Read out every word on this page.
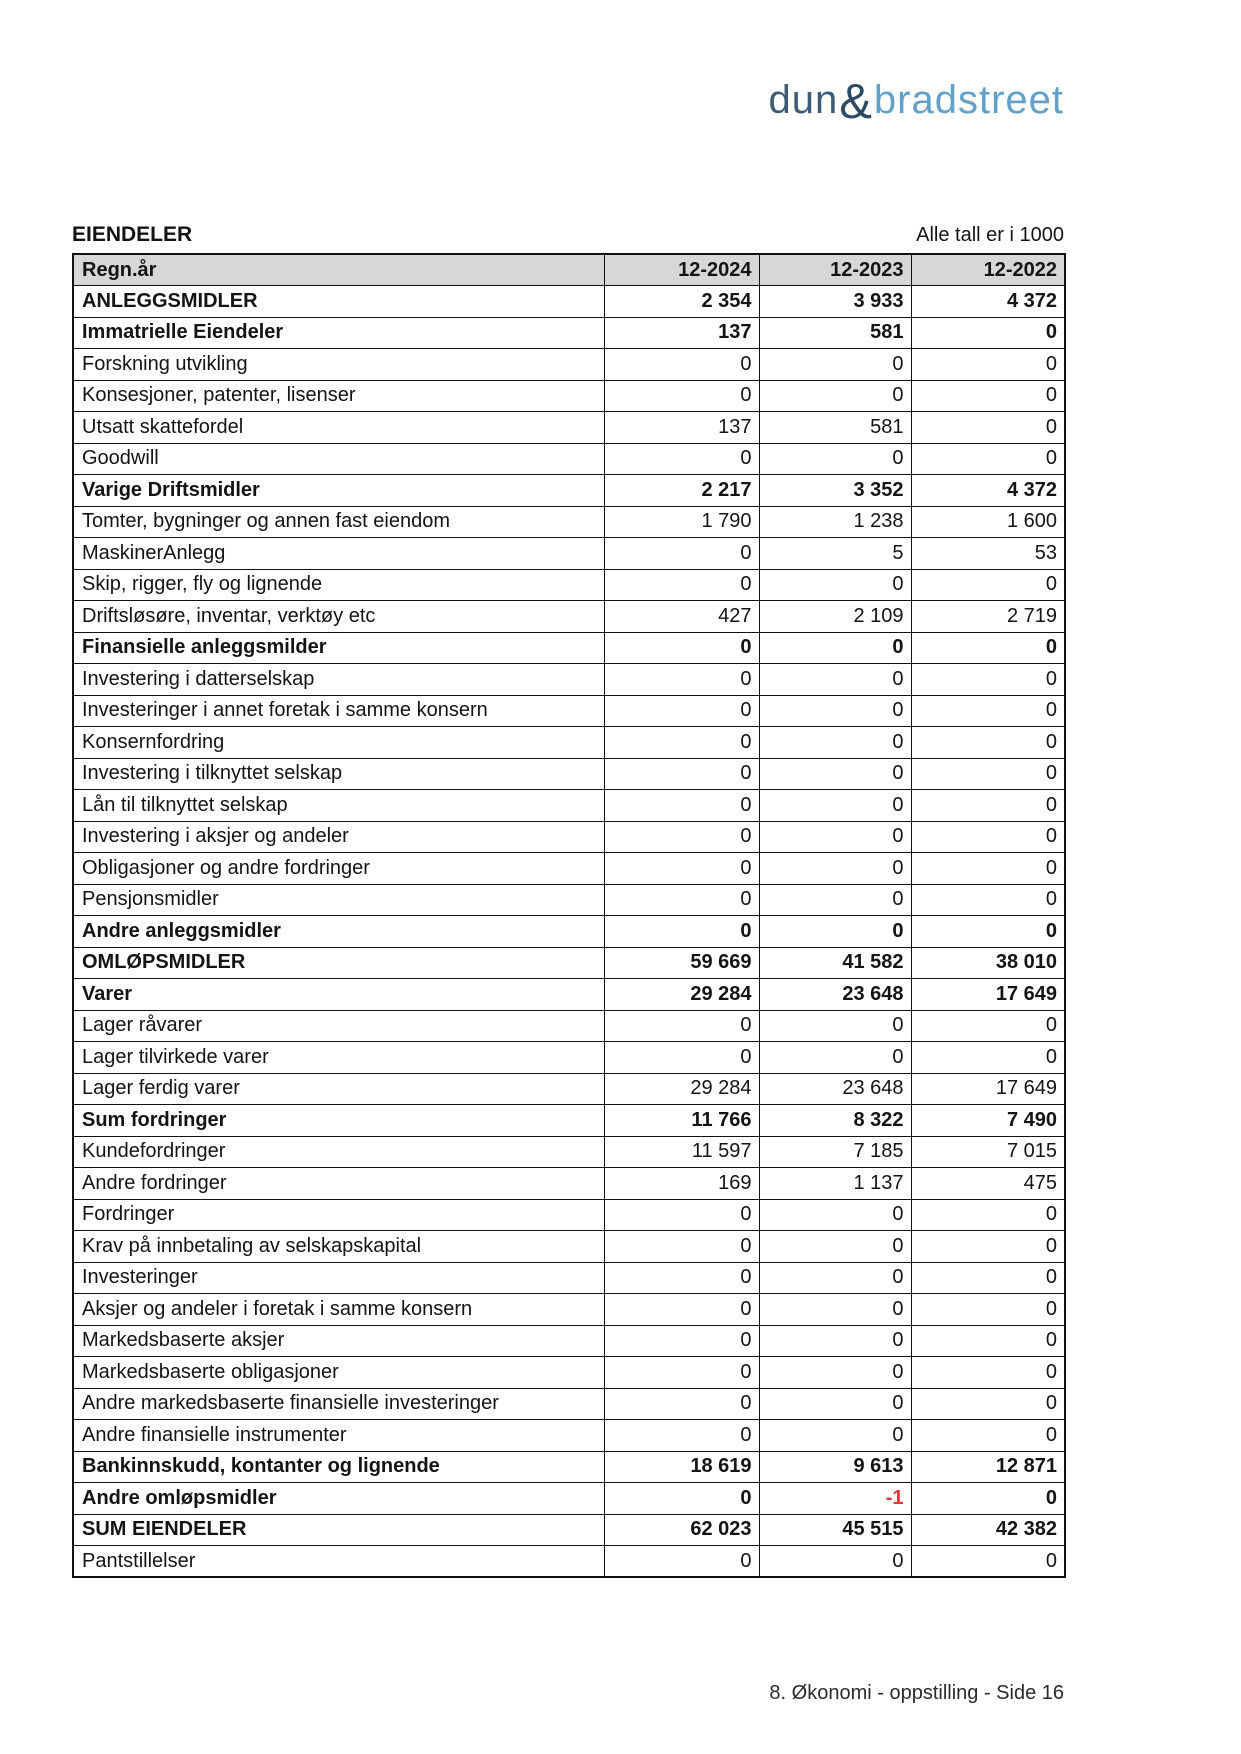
dun&bradstreet
EIENDELER	Alle tall er i 1000
Regn.år	12-2024	12-2023	12-2022
ANLEGGSMIDLER	2 354	3 933	4 372
Immatrielle Eiendeler	137	581	0
Forskning utvikling	0	0	0
Konsesjoner, patenter, lisenser	0	0	0
Utsatt skattefordel	137	581	0
Goodwill	0	0	0
Varige Driftsmidler	2 217	3 352	4 372
Tomter, bygninger og annen fast eiendom	1 790	1 238	1 600
MaskinerAnlegg	0	5	53
Skip, rigger, fly og lignende	0	0	0
Driftsløsøre, inventar, verktøy etc	427	2 109	2 719
Finansielle anleggsmilder	0	0	0
Investering i datterselskap	0	0	0
Investeringer i annet foretak i samme konsern	0	0	0
Konsernfordring	0	0	0
Investering i tilknyttet selskap	0	0	0
Lån til tilknyttet selskap	0	0	0
Investering i aksjer og andeler	0	0	0
Obligasjoner og andre fordringer	0	0	0
Pensjonsmidler	0	0	0
Andre anleggsmidler	0	0	0
OMLØPSMIDLER	59 669	41 582	38 010
Varer	29 284	23 648	17 649
Lager råvarer	0	0	0
Lager tilvirkede varer	0	0	0
Lager ferdig varer	29 284	23 648	17 649
Sum fordringer	11 766	8 322	7 490
Kundefordringer	11 597	7 185	7 015
Andre fordringer	169	1 137	475
Fordringer	0	0	0
Krav på innbetaling av selskapskapital	0	0	0
Investeringer	0	0	0
Aksjer og andeler i foretak i samme konsern	0	0	0
Markedsbaserte aksjer	0	0	0
Markedsbaserte obligasjoner	0	0	0
Andre markedsbaserte finansielle investeringer	0	0	0
Andre finansielle instrumenter	0	0	0
Bankinnskudd, kontanter og lignende	18 619	9 613	12 871
Andre omløpsmidler	0	-1	0
SUM EIENDELER	62 023	45 515	42 382
Pantstillelser	0	0	0
8. Økonomi - oppstilling - Side 16
